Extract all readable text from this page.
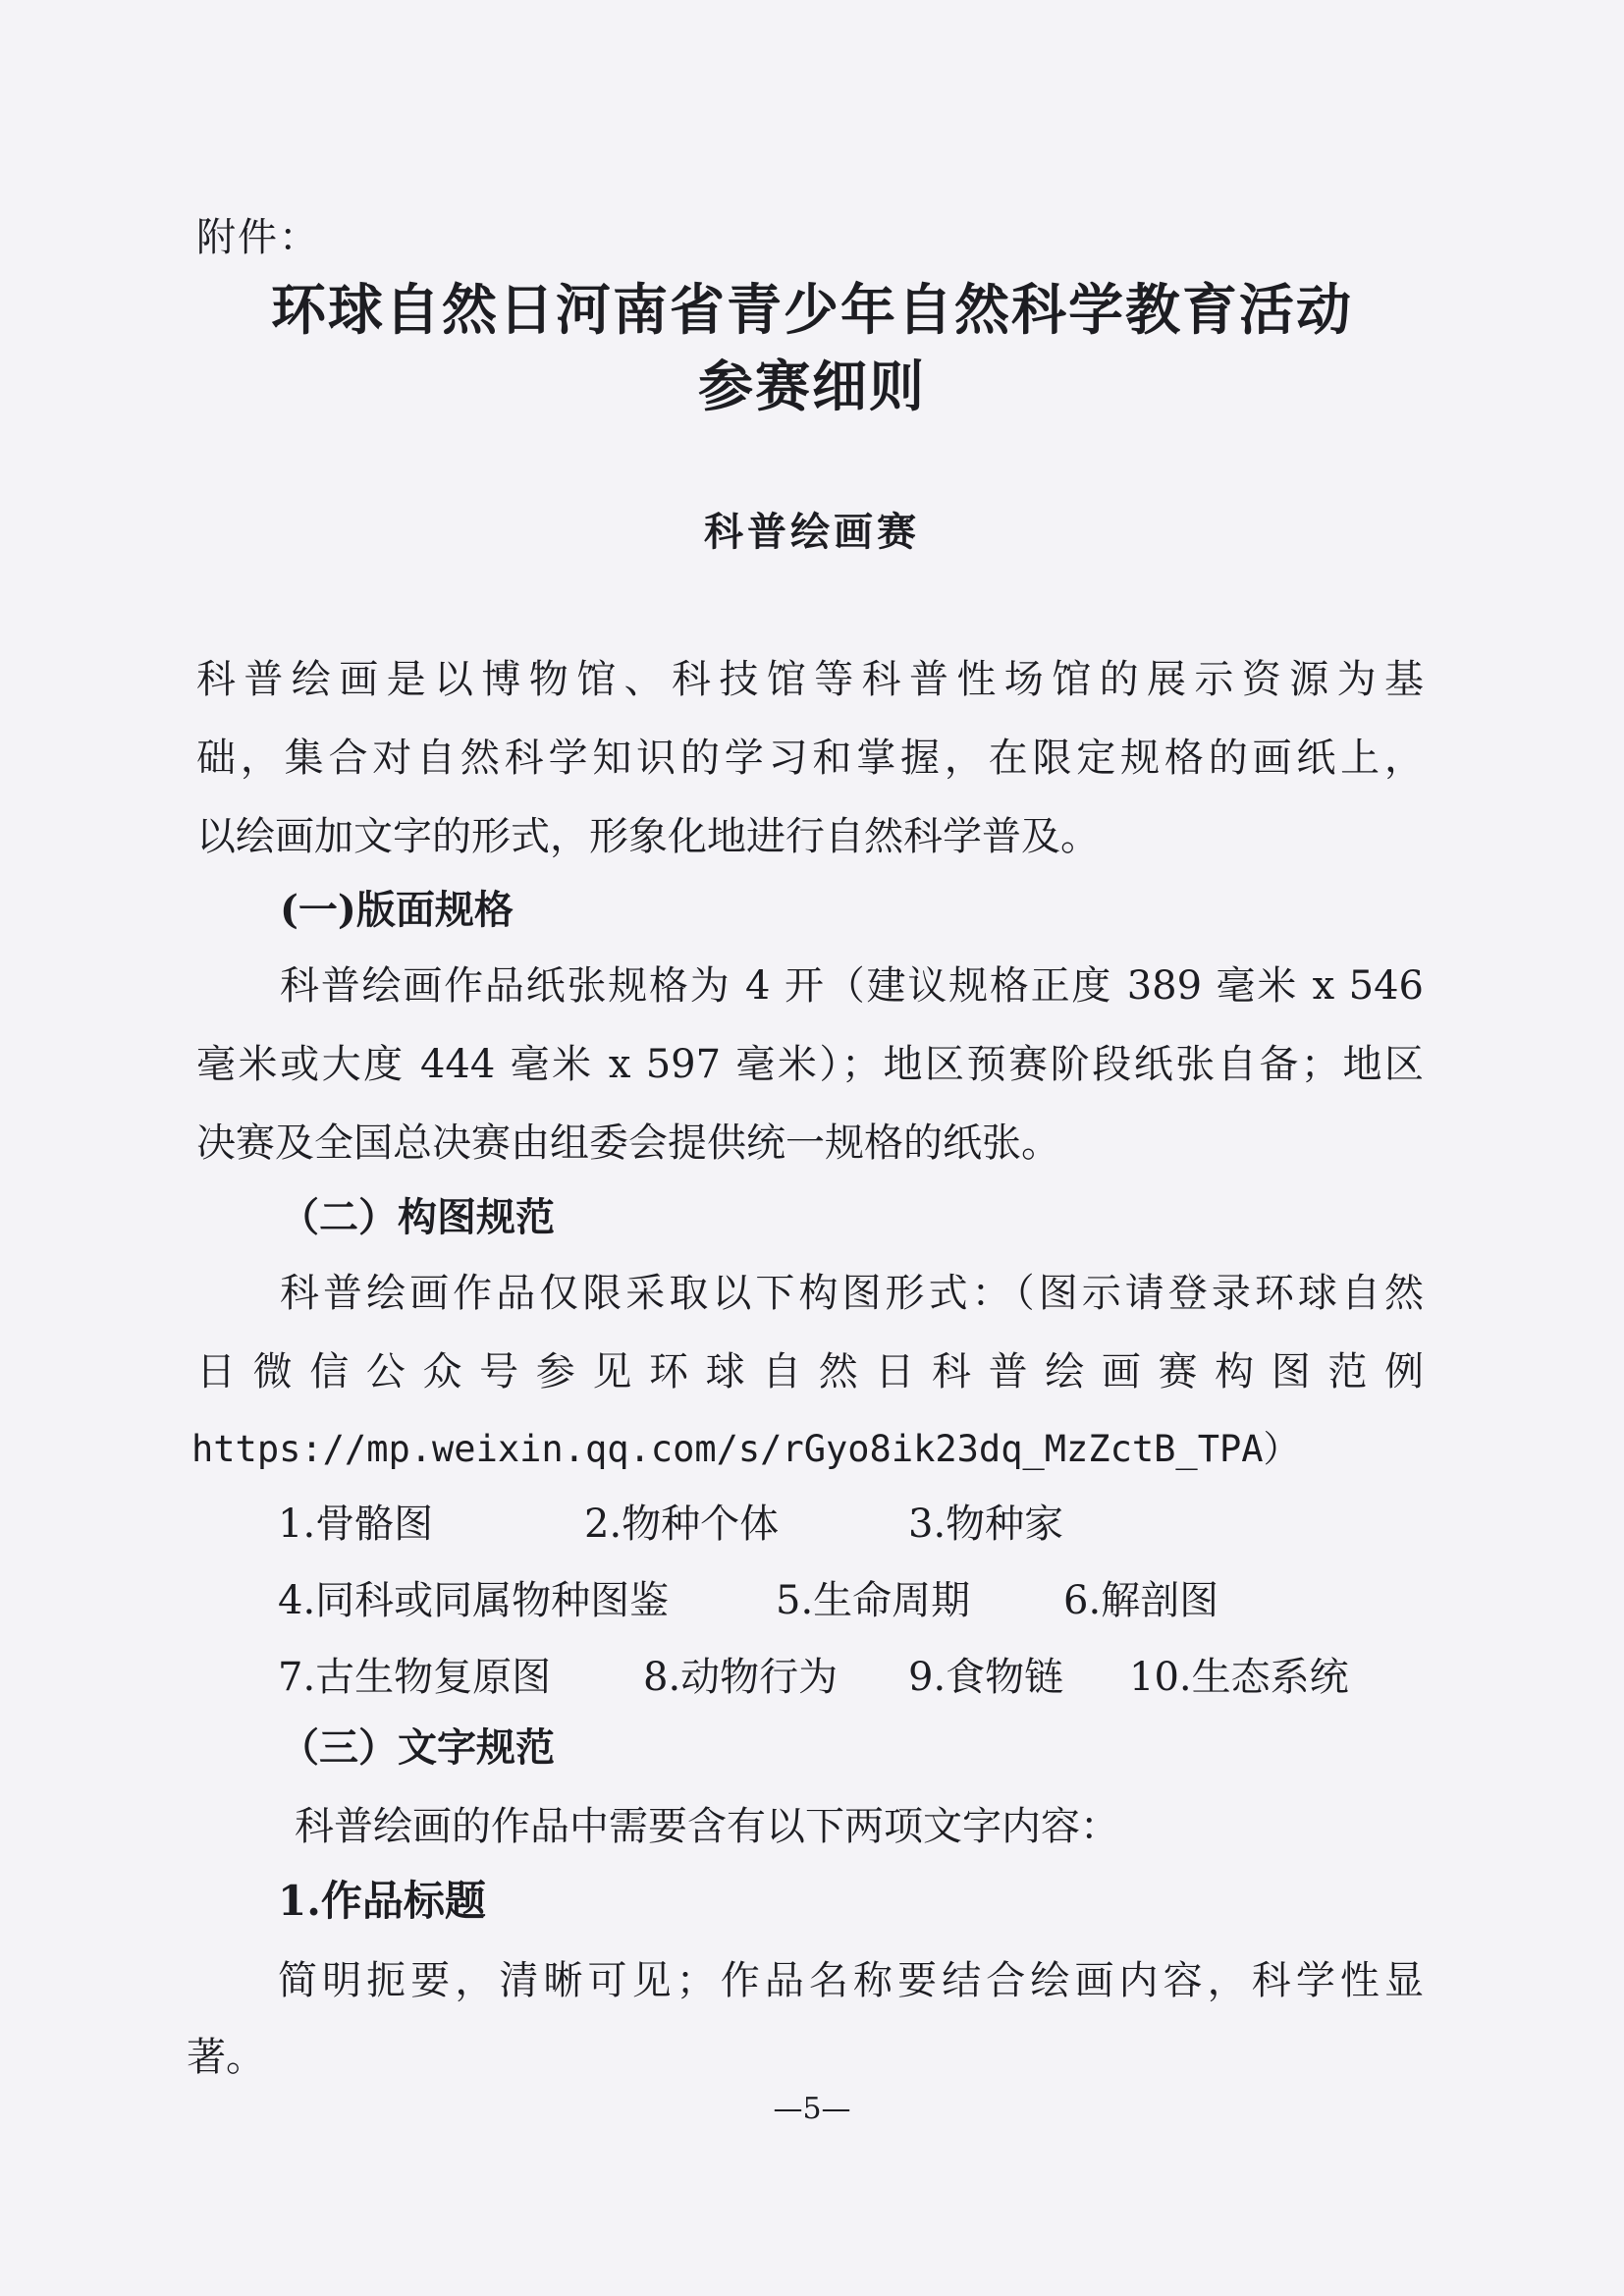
附件：
环球自然日河南省青少年自然科学教育活动
参赛细则
科普绘画赛
科普绘画是以博物馆、科技馆等科普性场馆的展示资源为基
础，集合对自然科学知识的学习和掌握，在限定规格的画纸上，
以绘画加文字的形式，形象化地进行自然科学普及。
(一)版面规格
科普绘画作品纸张规格为 4 开（建议规格正度 389 毫米 x 546
毫米或大度 444 毫米 x 597 毫米）；地区预赛阶段纸张自备；地区
决赛及全国总决赛由组委会提供统一规格的纸张。
（二）构图规范
科普绘画作品仅限采取以下构图形式：（图示请登录环球自然
日微信公众号参见环球自然日科普绘画赛构图范例
https://mp.weixin.qq.com/s/rGyo8ik23dq_MzZctB_TPA）
1.骨骼图	2.物种个体	3.物种家
4.同科或同属物种图鉴	5.生命周期 6.解剖图
7.古生物复原图 8.动物行为 9.食物链 10.生态系统
（三）文字规范
科普绘画的作品中需要含有以下两项文字内容：
1.作品标题
简明扼要，清晰可见；作品名称要结合绘画内容，科学性显
著。
—5—
